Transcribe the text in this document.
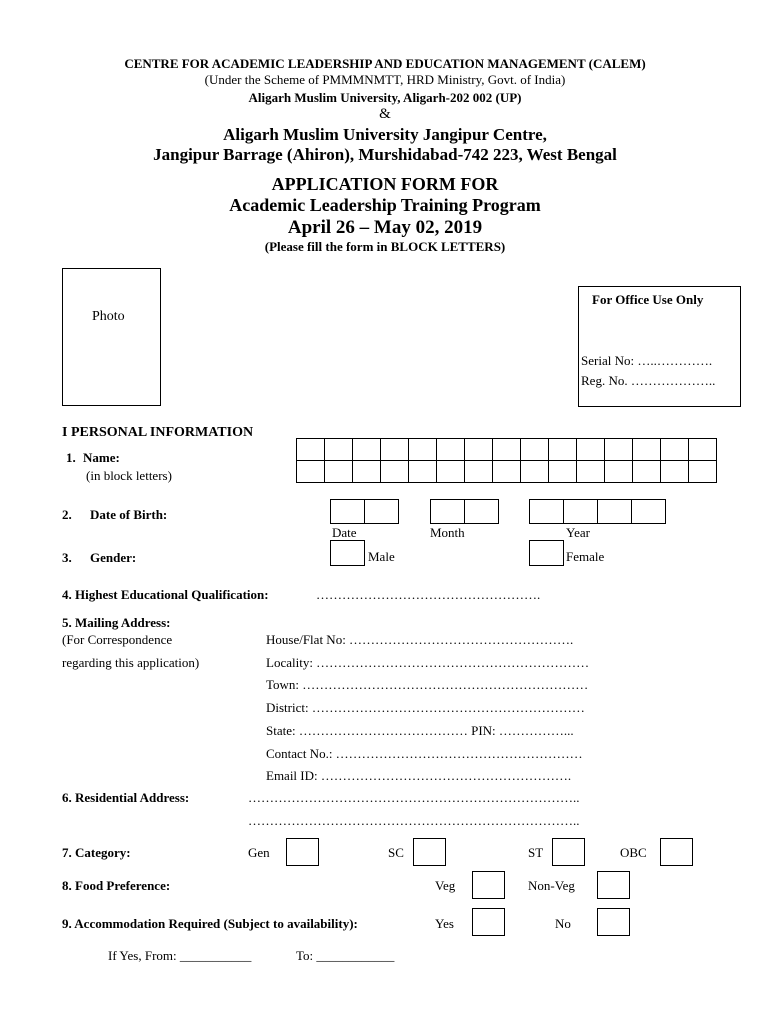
CENTRE FOR ACADEMIC LEADERSHIP AND EDUCATION MANAGEMENT (CALEM)
(Under the Scheme of PMMMNMTT, HRD Ministry, Govt. of India)
Aligarh Muslim University, Aligarh-202 002 (UP)
&
Aligarh Muslim University Jangipur Centre,
Jangipur Barrage (Ahiron), Murshidabad-742 223, West Bengal
APPLICATION FORM FOR
Academic Leadership Training Program
April 26 – May 02, 2019
(Please fill the form in BLOCK LETTERS)
Photo
For Office Use Only
Serial No: …..………….
Reg. No. ………………..
I PERSONAL INFORMATION
1. Name:
(in block letters)
2. Date of Birth:
Date	Month	Year
3. Gender:	Male	Female
4. Highest Educational Qualification:	…………………………………………….
5. Mailing Address:
(For Correspondence
regarding this application)
House/Flat No: …………………………………………….
Locality: ………………………………………………………
Town: …………………………………………………………
District: ………………………………………………………
State: ………………………………… PIN: ……………...
Contact No.: …………………………………………………
Email ID: ………………………………………………….
6. Residential Address:	…………………………………………………………………..
…………………………………………………………………..
7. Category:	Gen	SC	ST	OBC
8. Food Preference:	Veg	Non-Veg
9. Accommodation Required (Subject to availability):	Yes	No
If Yes, From: ___________	To: ____________
